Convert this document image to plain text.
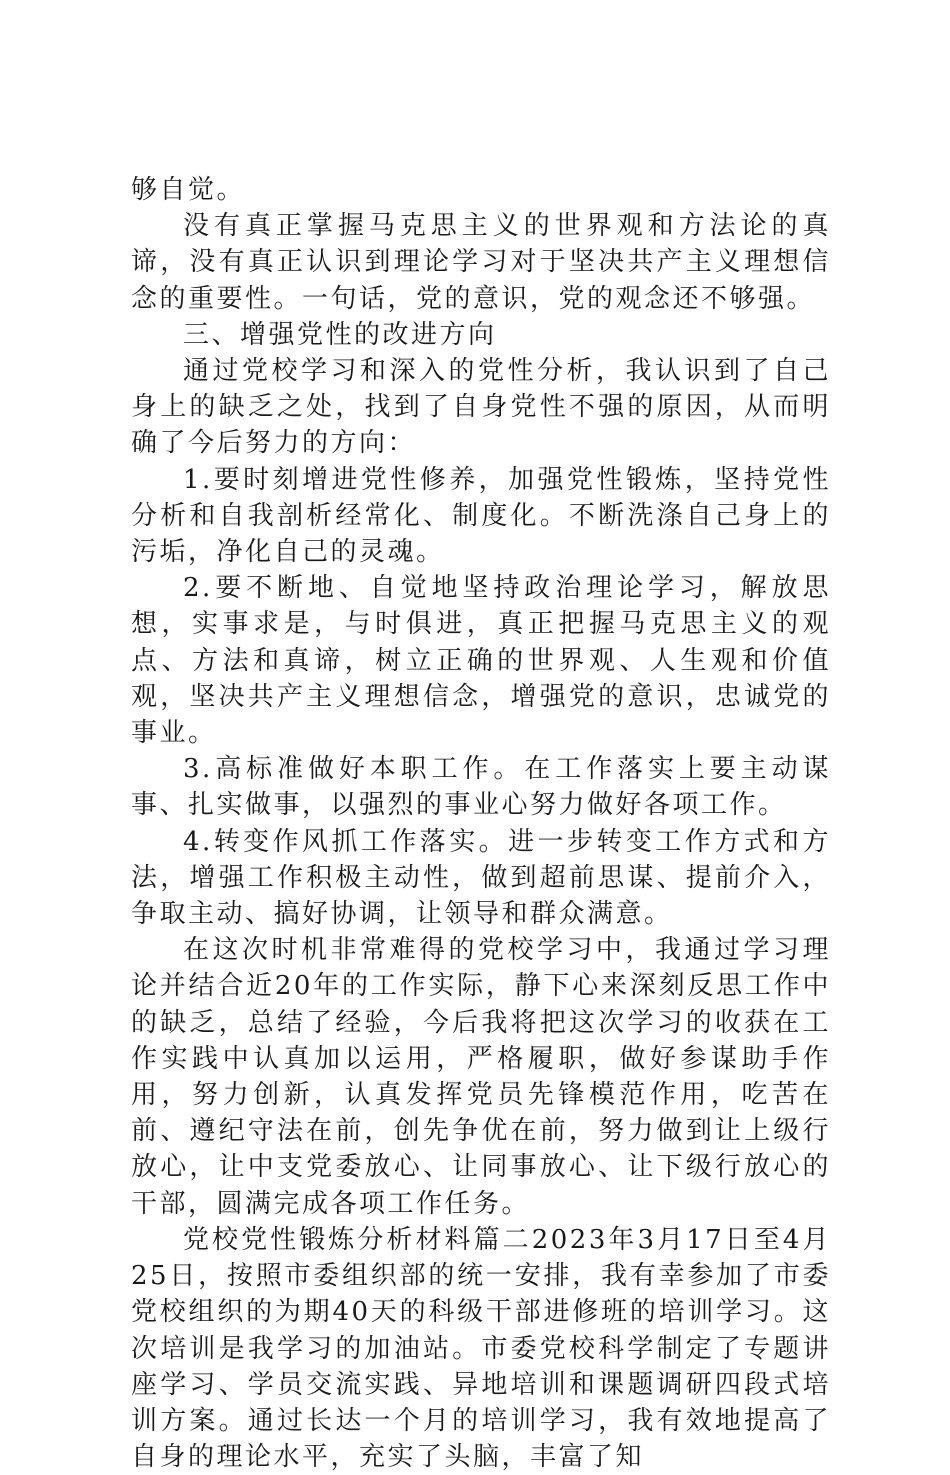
够自觉。

没有真正掌握马克思主义的世界观和方法论的真谛，没有真正认识到理论学习对于坚决共产主义理想信念的重要性。一句话，党的意识，党的观念还不够强。

三、增强党性的改进方向

通过党校学习和深入的党性分析，我认识到了自己身上的缺乏之处，找到了自身党性不强的原因，从而明确了今后努力的方向：

1.要时刻增进党性修养，加强党性锻炼，坚持党性分析和自我剖析经常化、制度化。不断洗涤自己身上的污垢，净化自己的灵魂。

2.要不断地、自觉地坚持政治理论学习，解放思想，实事求是，与时俱进，真正把握马克思主义的观点、方法和真谛，树立正确的世界观、人生观和价值观，坚决共产主义理想信念，增强党的意识，忠诚党的事业。

3.高标准做好本职工作。在工作落实上要主动谋事、扎实做事，以强烈的事业心努力做好各项工作。

4.转变作风抓工作落实。进一步转变工作方式和方法，增强工作积极主动性，做到超前思谋、提前介入，争取主动、搞好协调，让领导和群众满意。

在这次时机非常难得的党校学习中，我通过学习理论并结合近20年的工作实际，静下心来深刻反思工作中的缺乏，总结了经验，今后我将把这次学习的收获在工作实践中认真加以运用，严格履职，做好参谋助手作用，努力创新，认真发挥党员先锋模范作用，吃苦在前、遵纪守法在前，创先争优在前，努力做到让上级行放心，让中支党委放心、让同事放心、让下级行放心的干部，圆满完成各项工作任务。

党校党性锻炼分析材料篇二2023年3月17日至4月25日，按照市委组织部的统一安排，我有幸参加了市委党校组织的为期40天的科级干部进修班的培训学习。这次培训是我学习的加油站。市委党校科学制定了专题讲座学习、学员交流实践、异地培训和课题调研四段式培训方案。通过长达一个月的培训学习，我有效地提高了自身的理论水平，充实了头脑，丰富了知
